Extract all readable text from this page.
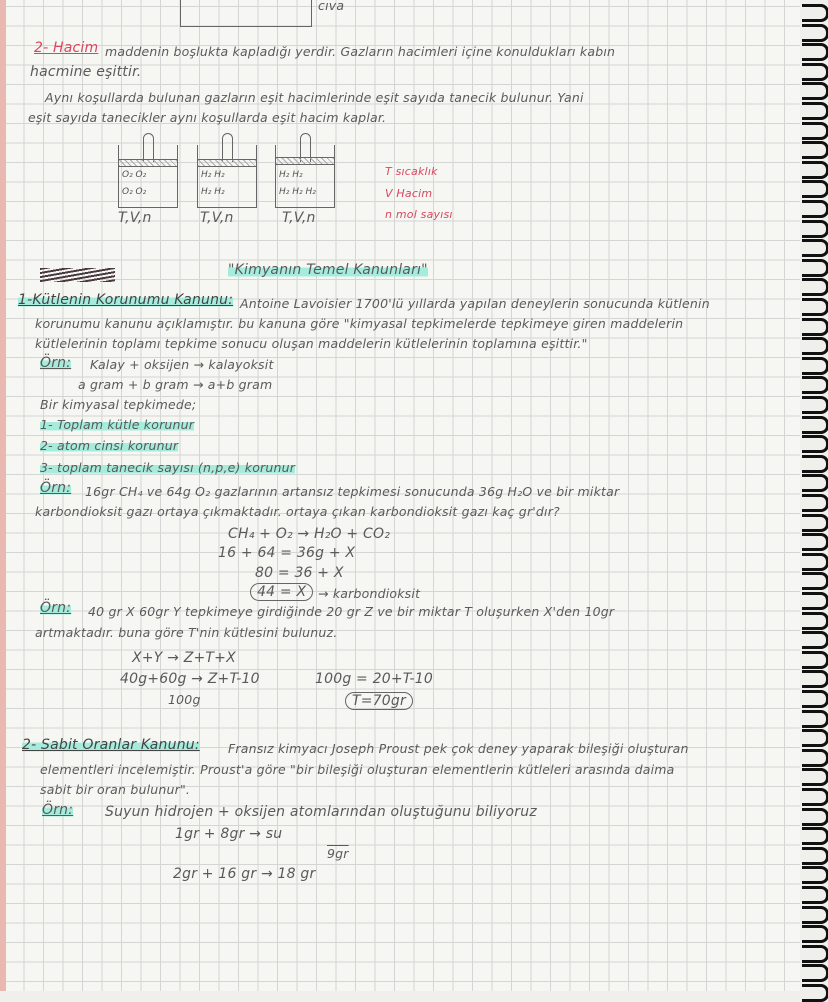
cıva
2- Hacim maddenin boşlukta kapladığı yerdir. Gazların hacimleri içine konuldukları kabın
hacmine eşittir.
Aynı koşullarda bulunan gazların eşit hacimlerinde eşit sayıda tanecik bulunur. Yani
eşit sayıda tanecikler aynı koşullarda eşit hacim kaplar.
O₂ O₂
O₂ O₂
H₂ H₂
H₂ H₂
H₂ H₂
H₂ H₂ H₂
T,V,n	T,V,n	T,V,n
T sıcaklık
V Hacim
n mol sayısı
"Kimyanın Temel Kanunları"
1-Kütlenin Korunumu Kanunu: Antoine Lavoisier 1700'lü yıllarda yapılan deneylerin sonucunda kütlenin
korunumu kanunu açıklamıştır. bu kanuna göre "kimyasal tepkimelerde tepkimeye giren maddelerin
kütlelerinin toplamı tepkime sonucu oluşan maddelerin kütlelerinin toplamına eşittir."
Örn: Kalay + oksijen → kalayoksit
a gram + b gram → a+b gram
Bir kimyasal tepkimede;
1- Toplam kütle korunur
2- atom cinsi korunur
3- toplam tanecik sayısı (n,p,e) korunur
Örn: 16gr CH₄ ve 64g O₂ gazlarının artansız tepkimesi sonucunda 36g H₂O ve bir miktar
karbondioksit gazı ortaya çıkmaktadır. ortaya çıkan karbondioksit gazı kaç gr'dır?
CH₄ + O₂ → H₂O + CO₂
16 + 64 = 36g + X
80 = 36 + X
44 = X → karbondioksit
Örn: 40 gr X 60gr Y tepkimeye girdiğinde 20 gr Z ve bir miktar T oluşurken X'den 10gr
artmaktadır. buna göre T'nin kütlesini bulunuz.
X+Y → Z+T+X
40g+60g → Z+T-10	100g = 20+T-10
100g	T=70gr
2- Sabit Oranlar Kanunu: Fransız kimyacı Joseph Proust pek çok deney yaparak bileşiği oluşturan
elementleri incelemiştir. Proust'a göre "bir bileşiği oluşturan elementlerin kütleleri arasında daima
sabit bir oran bulunur".
Örn: Suyun hidrojen + oksijen atomlarından oluştuğunu biliyoruz
1gr + 8gr → su
9gr
2gr + 16 gr → 18 gr
